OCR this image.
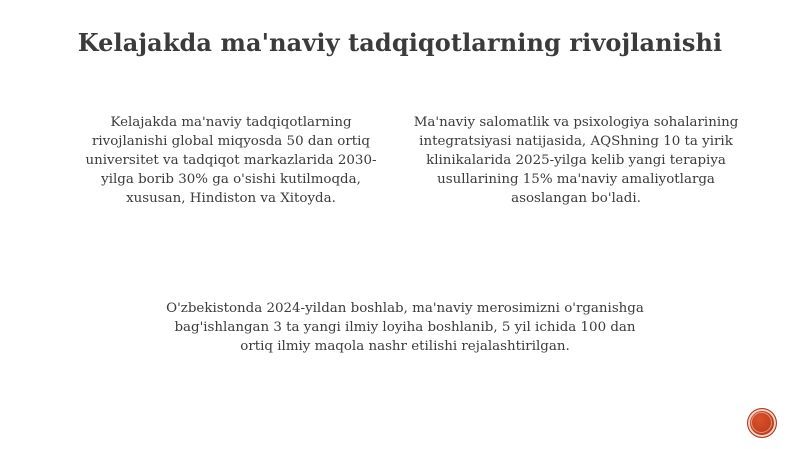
Kelajakda ma'naviy tadqiqotlarning rivojlanishi
Kelajakda ma'naviy tadqiqotlarning
rivojlanishi global miqyosda 50 dan ortiq
universitet va tadqiqot markazlarida 2030-
yilga borib 30% ga o'sishi kutilmoqda,
xususan, Hindiston va Xitoyda.
Ma'naviy salomatlik va psixologiya sohalarining
integratsiyasi natijasida, AQShning 10 ta yirik
klinikalarida 2025-yilga kelib yangi terapiya
usullarining 15% ma'naviy amaliyotlarga
asoslangan bo'ladi.
O'zbekistonda 2024-yildan boshlab, ma'naviy merosimizni o'rganishga
bag'ishlangan 3 ta yangi ilmiy loyiha boshlanib, 5 yil ichida 100 dan
ortiq ilmiy maqola nashr etilishi rejalashtirilgan.
